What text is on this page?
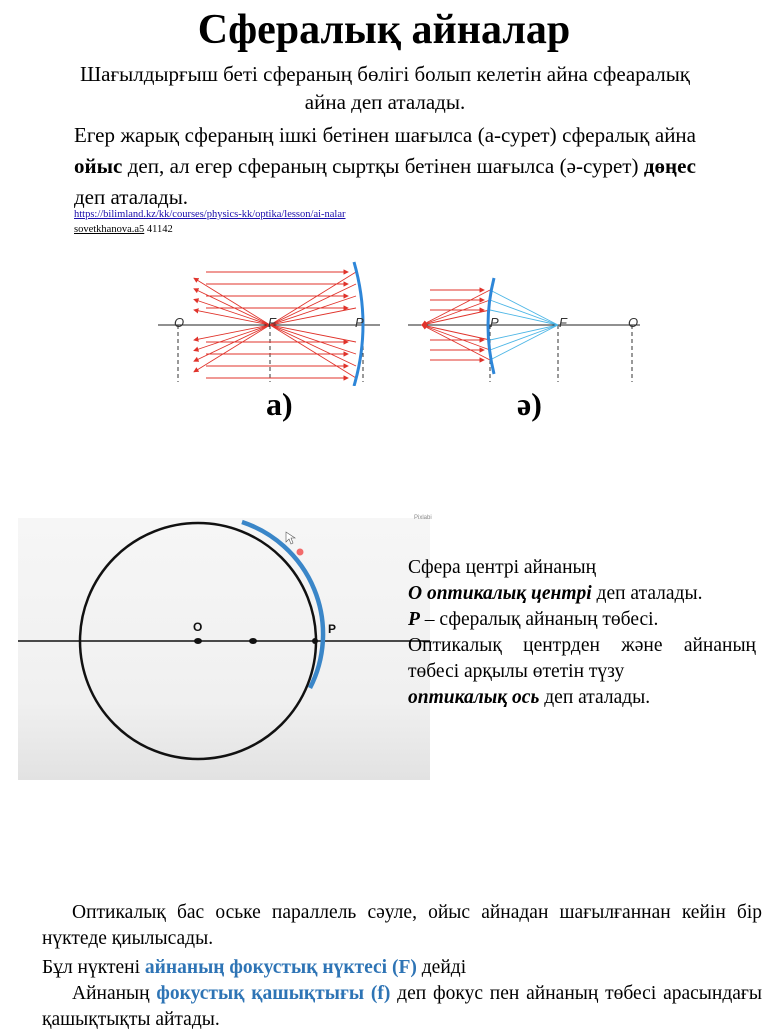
Сфералық айналар
Шағылдырғыш беті сфераның бөлігі болып келетін айна сфеаралық айна деп аталады.
Егер жарық сфераның ішкі бетінен шағылса (а-сурет) сфералық айна ойыс деп, ал егер сфераның сыртқы бетінен шағылса (ә-сурет) дөңес деп аталады.
https://bilimland.kz/kk/courses/physics-kk/optika/lesson/ai-nalar
sovetkhanova.a5 41142
O	F	P
а)
P	F	O
ә)
O	P
Pixlabi
Сфера центрі айнаның
О оптикалық центрі деп аталады.
Р – сфералық айнаның төбесі.
Оптикалық центрден және айнаның төбесі арқылы өтетін түзу
оптикалық ось деп аталады.
Оптикалық бас оське параллель сәуле, ойыс айнадан шағылғаннан кейін бір нүктеде қиылысады.
Бұл нүктені айнаның фокустық нүктесі (F) дейді
Айнаның фокустық қашықтығы (f) деп фокус пен айнаның төбесі арасындағы қашықтықты айтады.
